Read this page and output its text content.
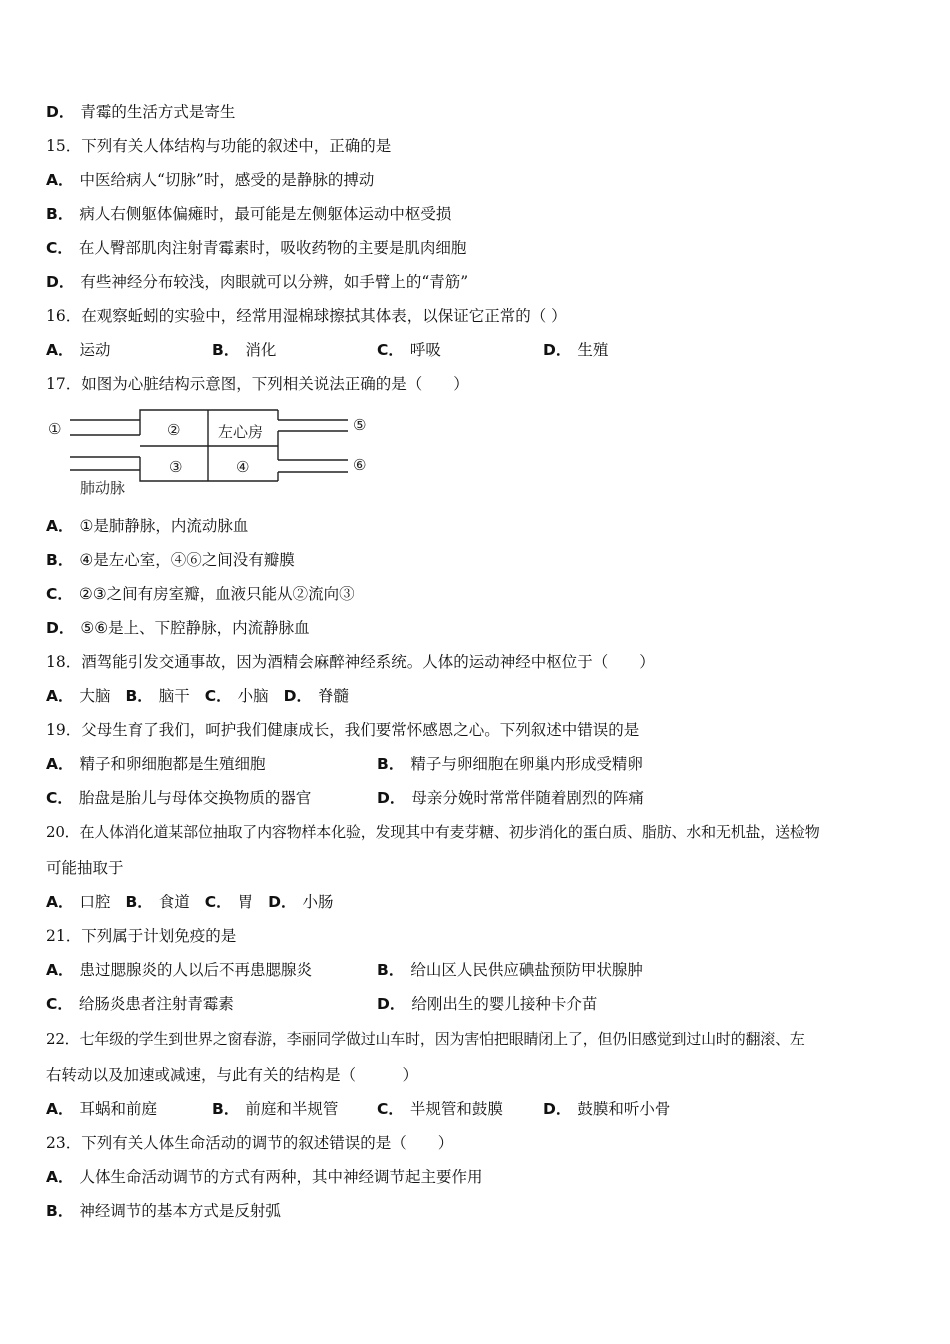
D． 青霉的生活方式是寄生
15．下列有关人体结构与功能的叙述中，正确的是
A． 中医给病人“切脉”时，感受的是静脉的搏动
B． 病人右侧躯体偏瘫时，最可能是左侧躯体运动中枢受损
C． 在人臀部肌肉注射青霉素时，吸收药物的主要是肌肉细胞
D． 有些神经分布较浅，肉眼就可以分辨，如手臂上的“青筋”
16．在观察蚯蚓的实验中，经常用湿棉球擦拭其体表，以保证它正常的（ ）
A． 运动	B． 消化	C． 呼吸	D． 生殖
17．如图为心脏结构示意图，下列相关说法正确的是（　　）
①	②
③	④
⑤
⑥
左心房
肺动脉
A． ①是肺静脉，内流动脉血
B． ④是左心室，④⑥之间没有瓣膜
C． ②③之间有房室瓣，血液只能从②流向③
D． ⑤⑥是上、下腔静脉，内流静脉血
18．酒驾能引发交通事故，因为酒精会麻醉神经系统。人体的运动神经中枢位于（　　）
A． 大脑 B． 脑干 C． 小脑 D． 脊髓
19．父母生育了我们，呵护我们健康成长，我们要常怀感恩之心。下列叙述中错误的是
A． 精子和卵细胞都是生殖细胞	B． 精子与卵细胞在卵巢内形成受精卵
C． 胎盘是胎儿与母体交换物质的器官	D． 母亲分娩时常常伴随着剧烈的阵痛
20．在人体消化道某部位抽取了内容物样本化验，发现其中有麦芽糖、初步消化的蛋白质、脂肪、水和无机盐，送检物
可能抽取于
A． 口腔 B． 食道 C． 胃 D． 小肠
21．下列属于计划免疫的是
A． 患过腮腺炎的人以后不再患腮腺炎	B． 给山区人民供应碘盐预防甲状腺肿
C． 给肠炎患者注射青霉素	D． 给刚出生的婴儿接种卡介苗
22．七年级的学生到世界之窗春游，李丽同学做过山车时，因为害怕把眼睛闭上了，但仍旧感觉到过山时的翻滚、左
右转动以及加速或减速，与此有关的结构是（　　　）
A． 耳蜗和前庭	B． 前庭和半规管 C． 半规管和鼓膜	D． 鼓膜和听小骨
23．下列有关人体生命活动的调节的叙述错误的是（　　）
A． 人体生命活动调节的方式有两种，其中神经调节起主要作用
B． 神经调节的基本方式是反射弧
